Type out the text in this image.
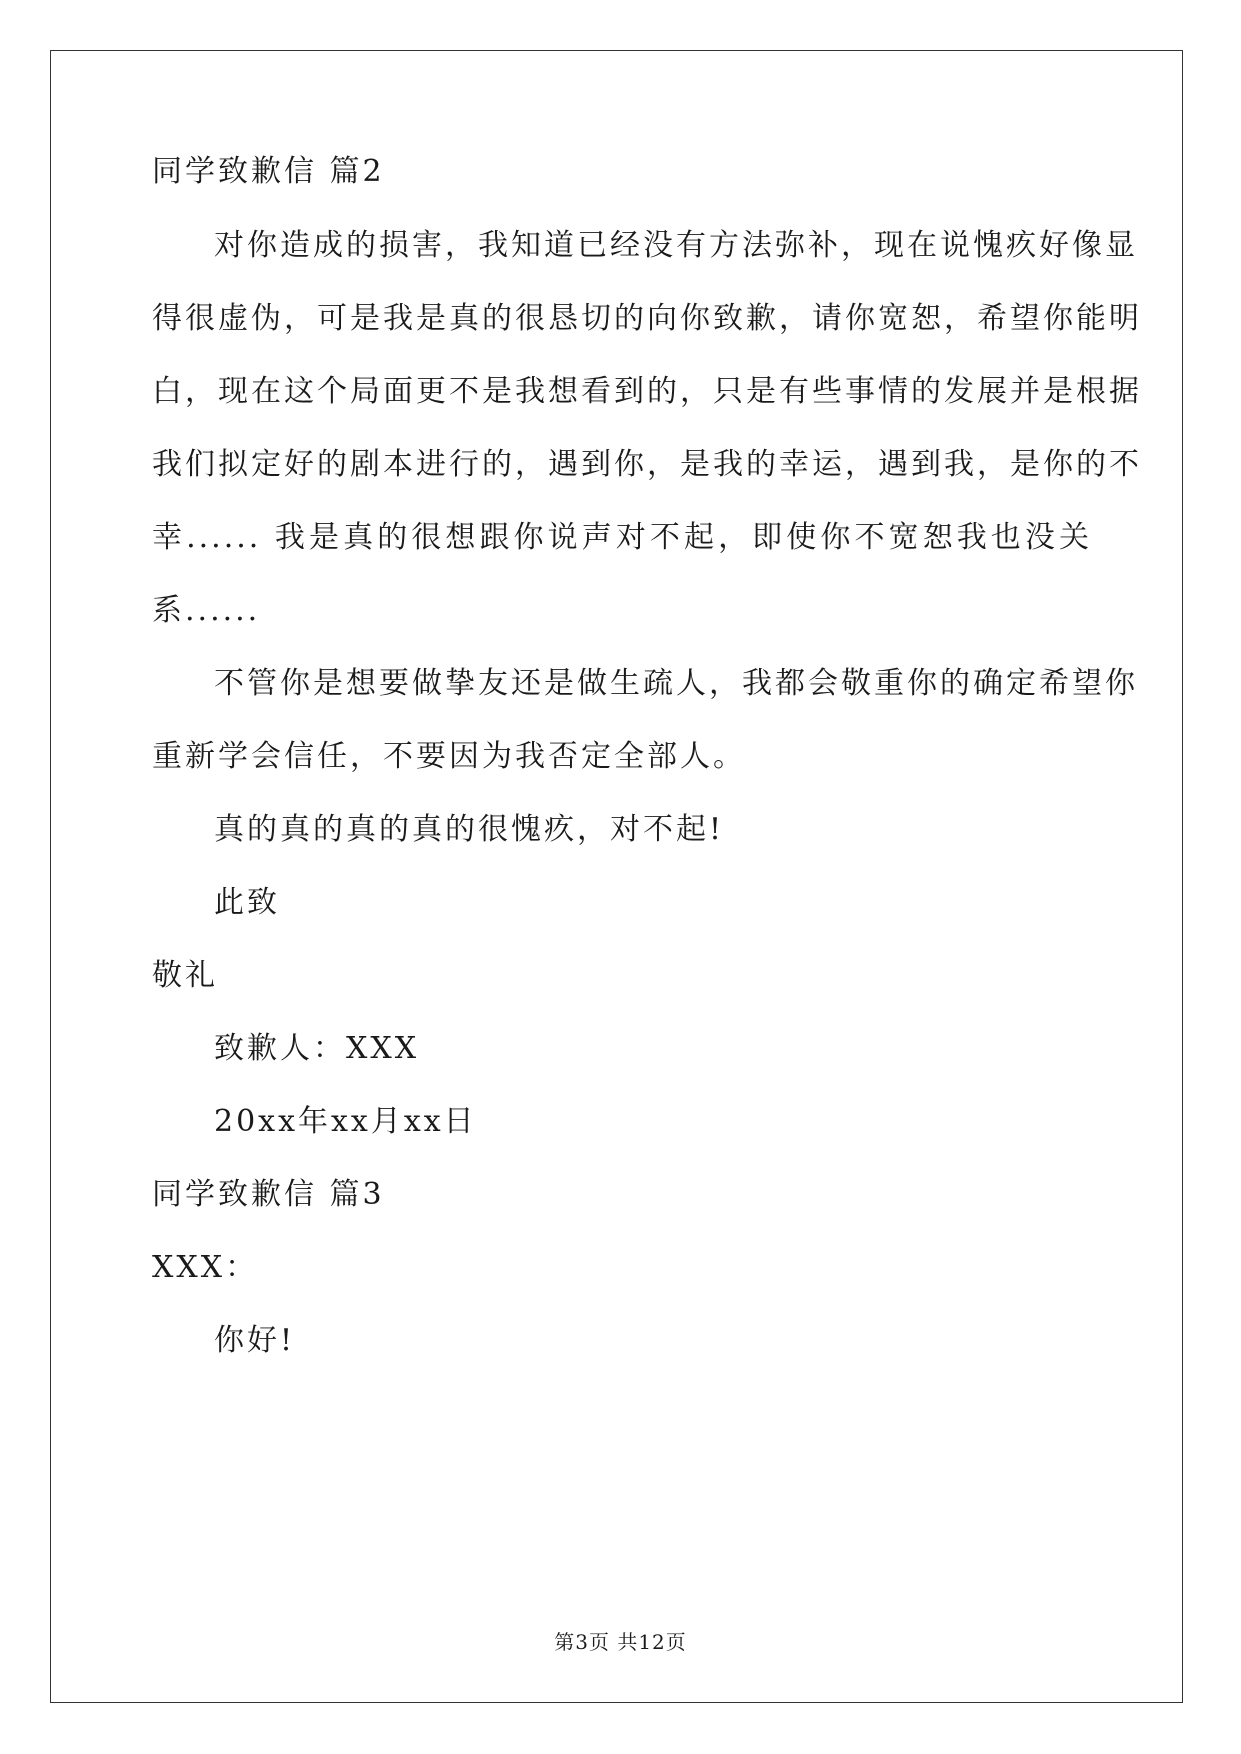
同学致歉信 篇2
对你造成的损害，我知道已经没有方法弥补，现在说愧疚好像显
得很虚伪，可是我是真的很恳切的向你致歉，请你宽恕，希望你能明
白，现在这个局面更不是我想看到的，只是有些事情的发展并是根据
我们拟定好的剧本进行的，遇到你，是我的幸运，遇到我，是你的不
幸...... 我是真的很想跟你说声对不起，即使你不宽恕我也没关
系......
不管你是想要做挚友还是做生疏人，我都会敬重你的确定希望你
重新学会信任，不要因为我否定全部人。
真的真的真的真的很愧疚，对不起!
此致
敬礼
致歉人：XXX
20xx年xx月xx日
同学致歉信 篇3
XXX：
你好!
第3页 共12页
